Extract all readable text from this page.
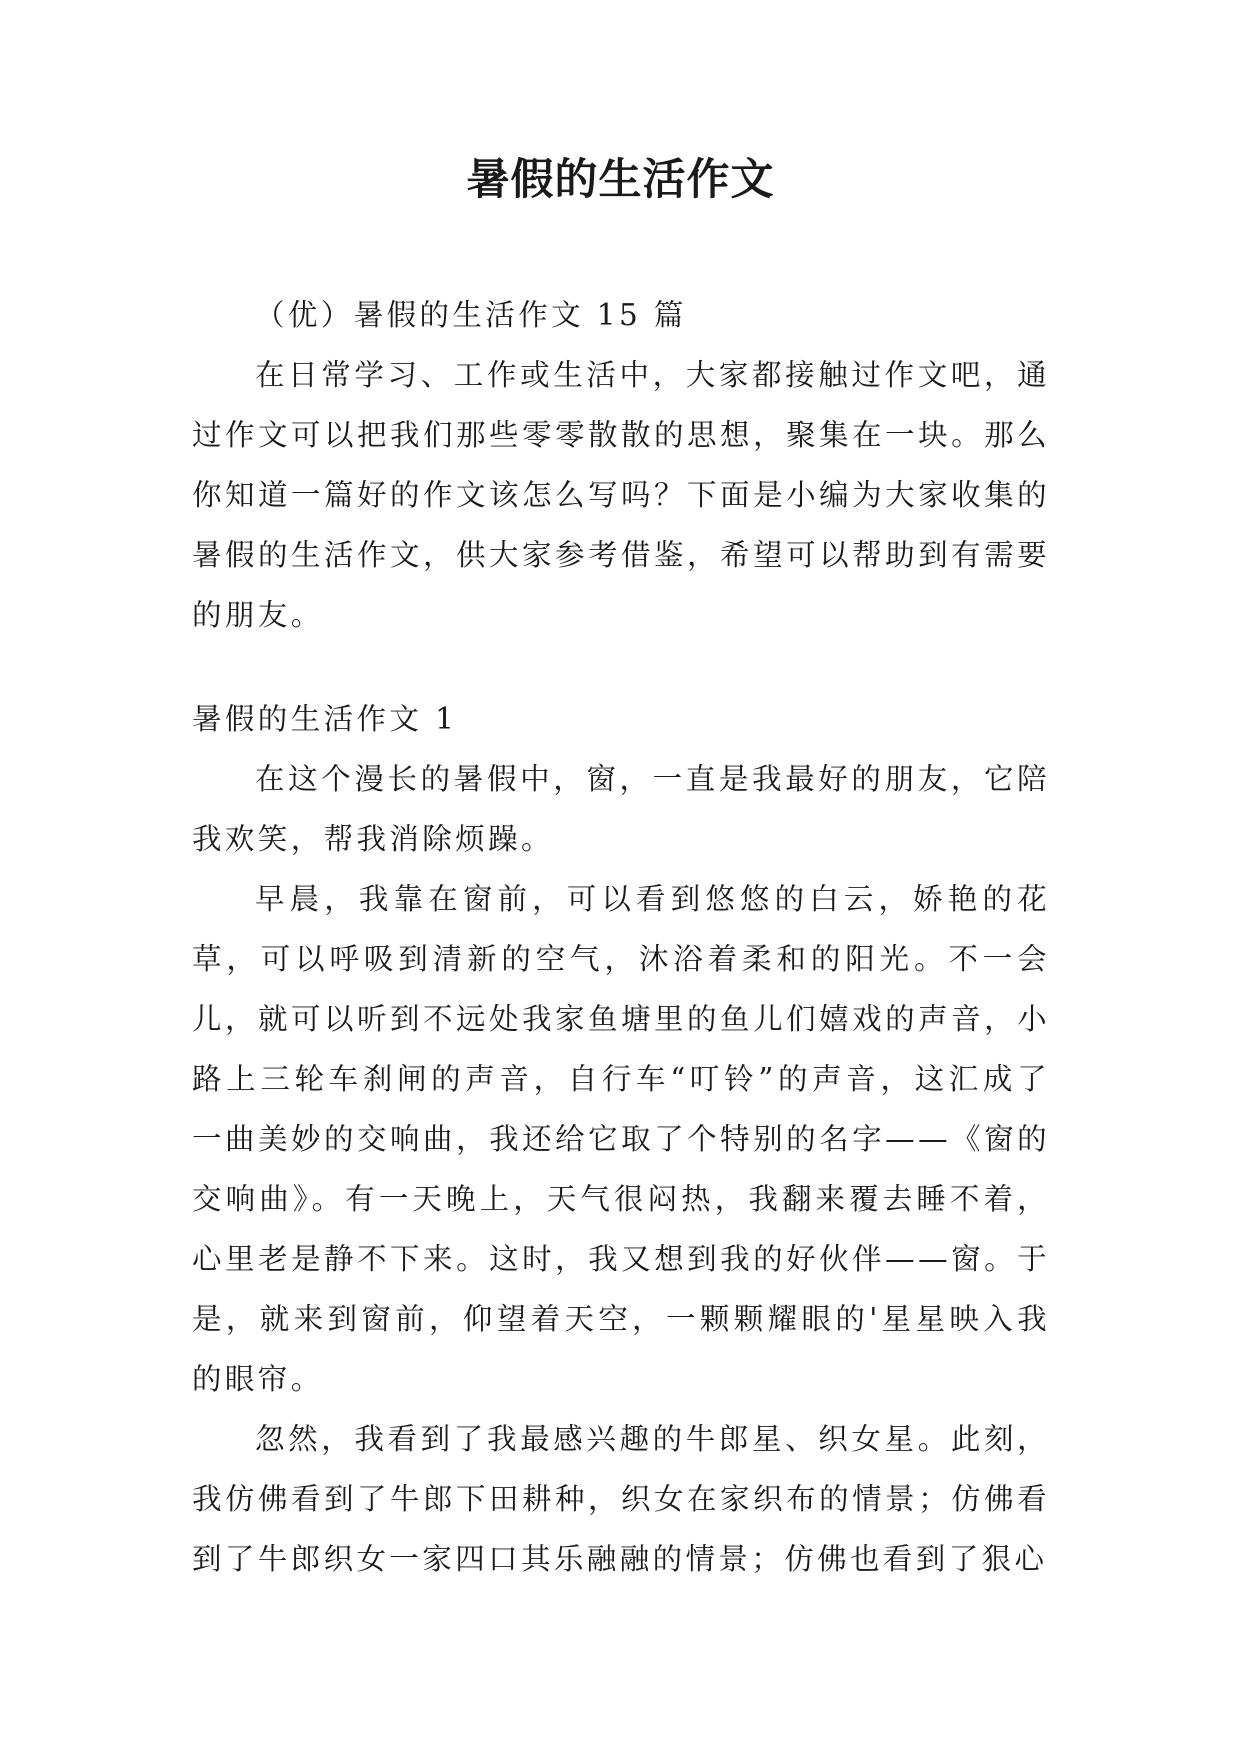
暑假的生活作文

（优）暑假的生活作文 15 篇

在日常学习、工作或生活中，大家都接触过作文吧，通过作文可以把我们那些零零散散的思想，聚集在一块。那么你知道一篇好的作文该怎么写吗？下面是小编为大家收集的暑假的生活作文，供大家参考借鉴，希望可以帮助到有需要的朋友。

暑假的生活作文 1

在这个漫长的暑假中，窗，一直是我最好的朋友，它陪我欢笑，帮我消除烦躁。

早晨，我靠在窗前，可以看到悠悠的白云，娇艳的花草，可以呼吸到清新的空气，沐浴着柔和的阳光。不一会儿，就可以听到不远处我家鱼塘里的鱼儿们嬉戏的声音，小路上三轮车刹闸的声音，自行车“叮铃”的声音，这汇成了一曲美妙的交响曲，我还给它取了个特别的名字——《窗的交响曲》。有一天晚上，天气很闷热，我翻来覆去睡不着，心里老是静不下来。这时，我又想到我的好伙伴——窗。于是，就来到窗前，仰望着天空，一颗颗耀眼的'星星映入我的眼帘。

忽然，我看到了我最感兴趣的牛郎星、织女星。此刻，我仿佛看到了牛郎下田耕种，织女在家织布的情景；仿佛看到了牛郎织女一家四口其乐融融的情景；仿佛也看到了狠心
